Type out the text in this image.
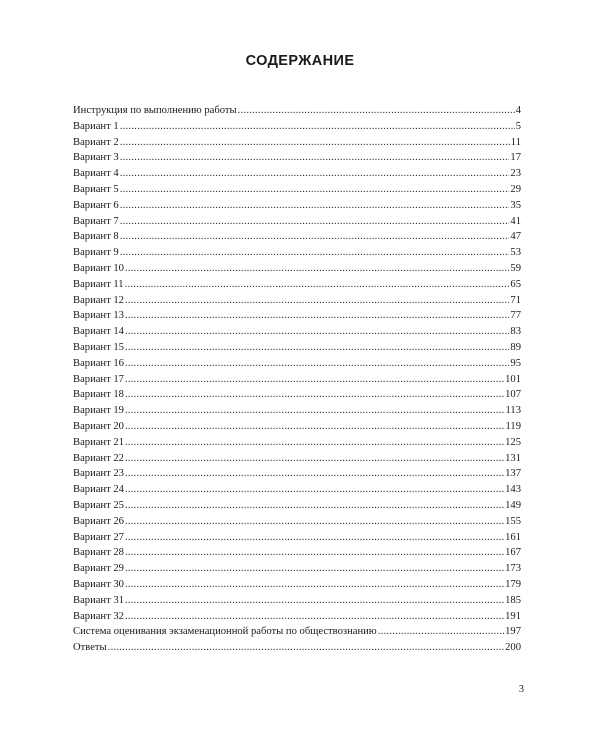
СОДЕРЖАНИЕ
Инструкция по выполнению работы . . .	4
Вариант 1 . . .	5
Вариант 2 . . .	11
Вариант 3 . . .	17
Вариант 4 . . .	23
Вариант 5 . . .	29
Вариант 6 . . .	35
Вариант 7 . . .	41
Вариант 8 . . .	47
Вариант 9 . . .	53
Вариант 10 . . .	59
Вариант 11 . . .	65
Вариант 12 . . .	71
Вариант 13 . . .	77
Вариант 14 . . .	83
Вариант 15 . . .	89
Вариант 16 . . .	95
Вариант 17 . . .	101
Вариант 18 . . .	107
Вариант 19 . . .	113
Вариант 20 . . .	119
Вариант 21 . . .	125
Вариант 22 . . .	131
Вариант 23 . . .	137
Вариант 24 . . .	143
Вариант 25 . . .	149
Вариант 26 . . .	155
Вариант 27 . . .	161
Вариант 28 . . .	167
Вариант 29 . . .	173
Вариант 30 . . .	179
Вариант 31 . . .	185
Вариант 32 . . .	191
Система оценивания экзаменационной работы по обществознанию . . .	197
Ответы . . .	200
3
